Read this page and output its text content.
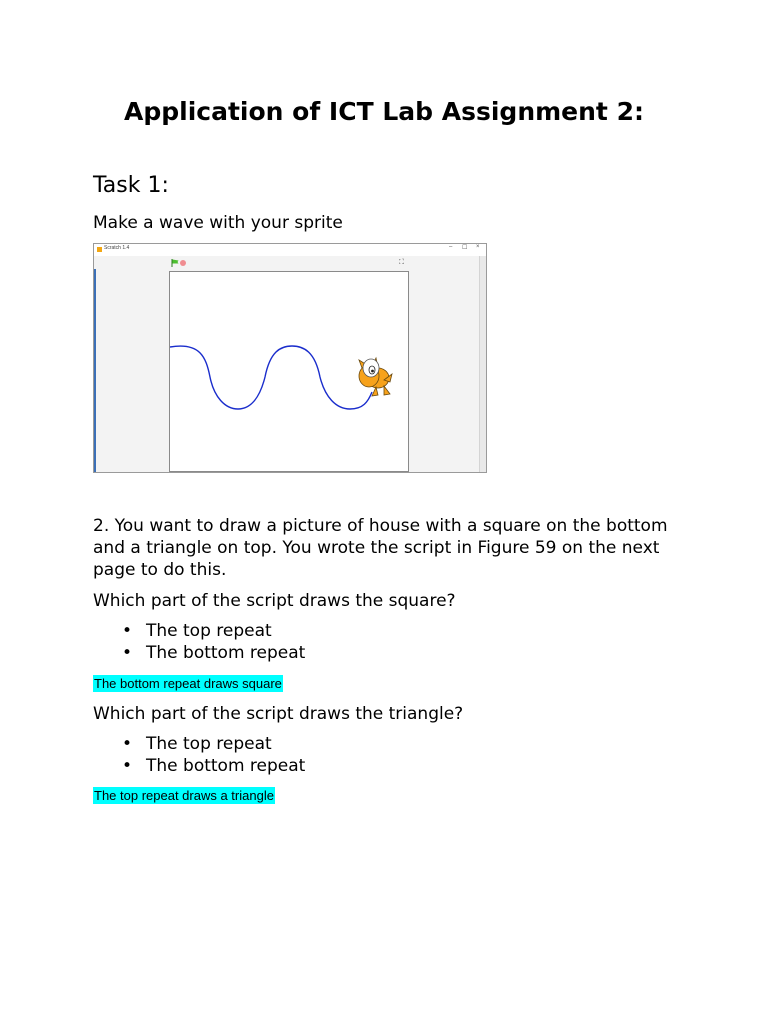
Application of ICT Lab Assignment 2:
Task 1:

Make a wave with your sprite

Scratch 1.4	– ☐ ×
⛶

2. You want to draw a picture of house with a square on the bottom and a triangle on top. You wrote the script in Figure 59 on the next page to do this.

Which part of the script draws the square?

• The top repeat
• The bottom repeat
The bottom repeat draws square

Which part of the script draws the triangle?

• The top repeat
• The bottom repeat
The top repeat draws a triangle
